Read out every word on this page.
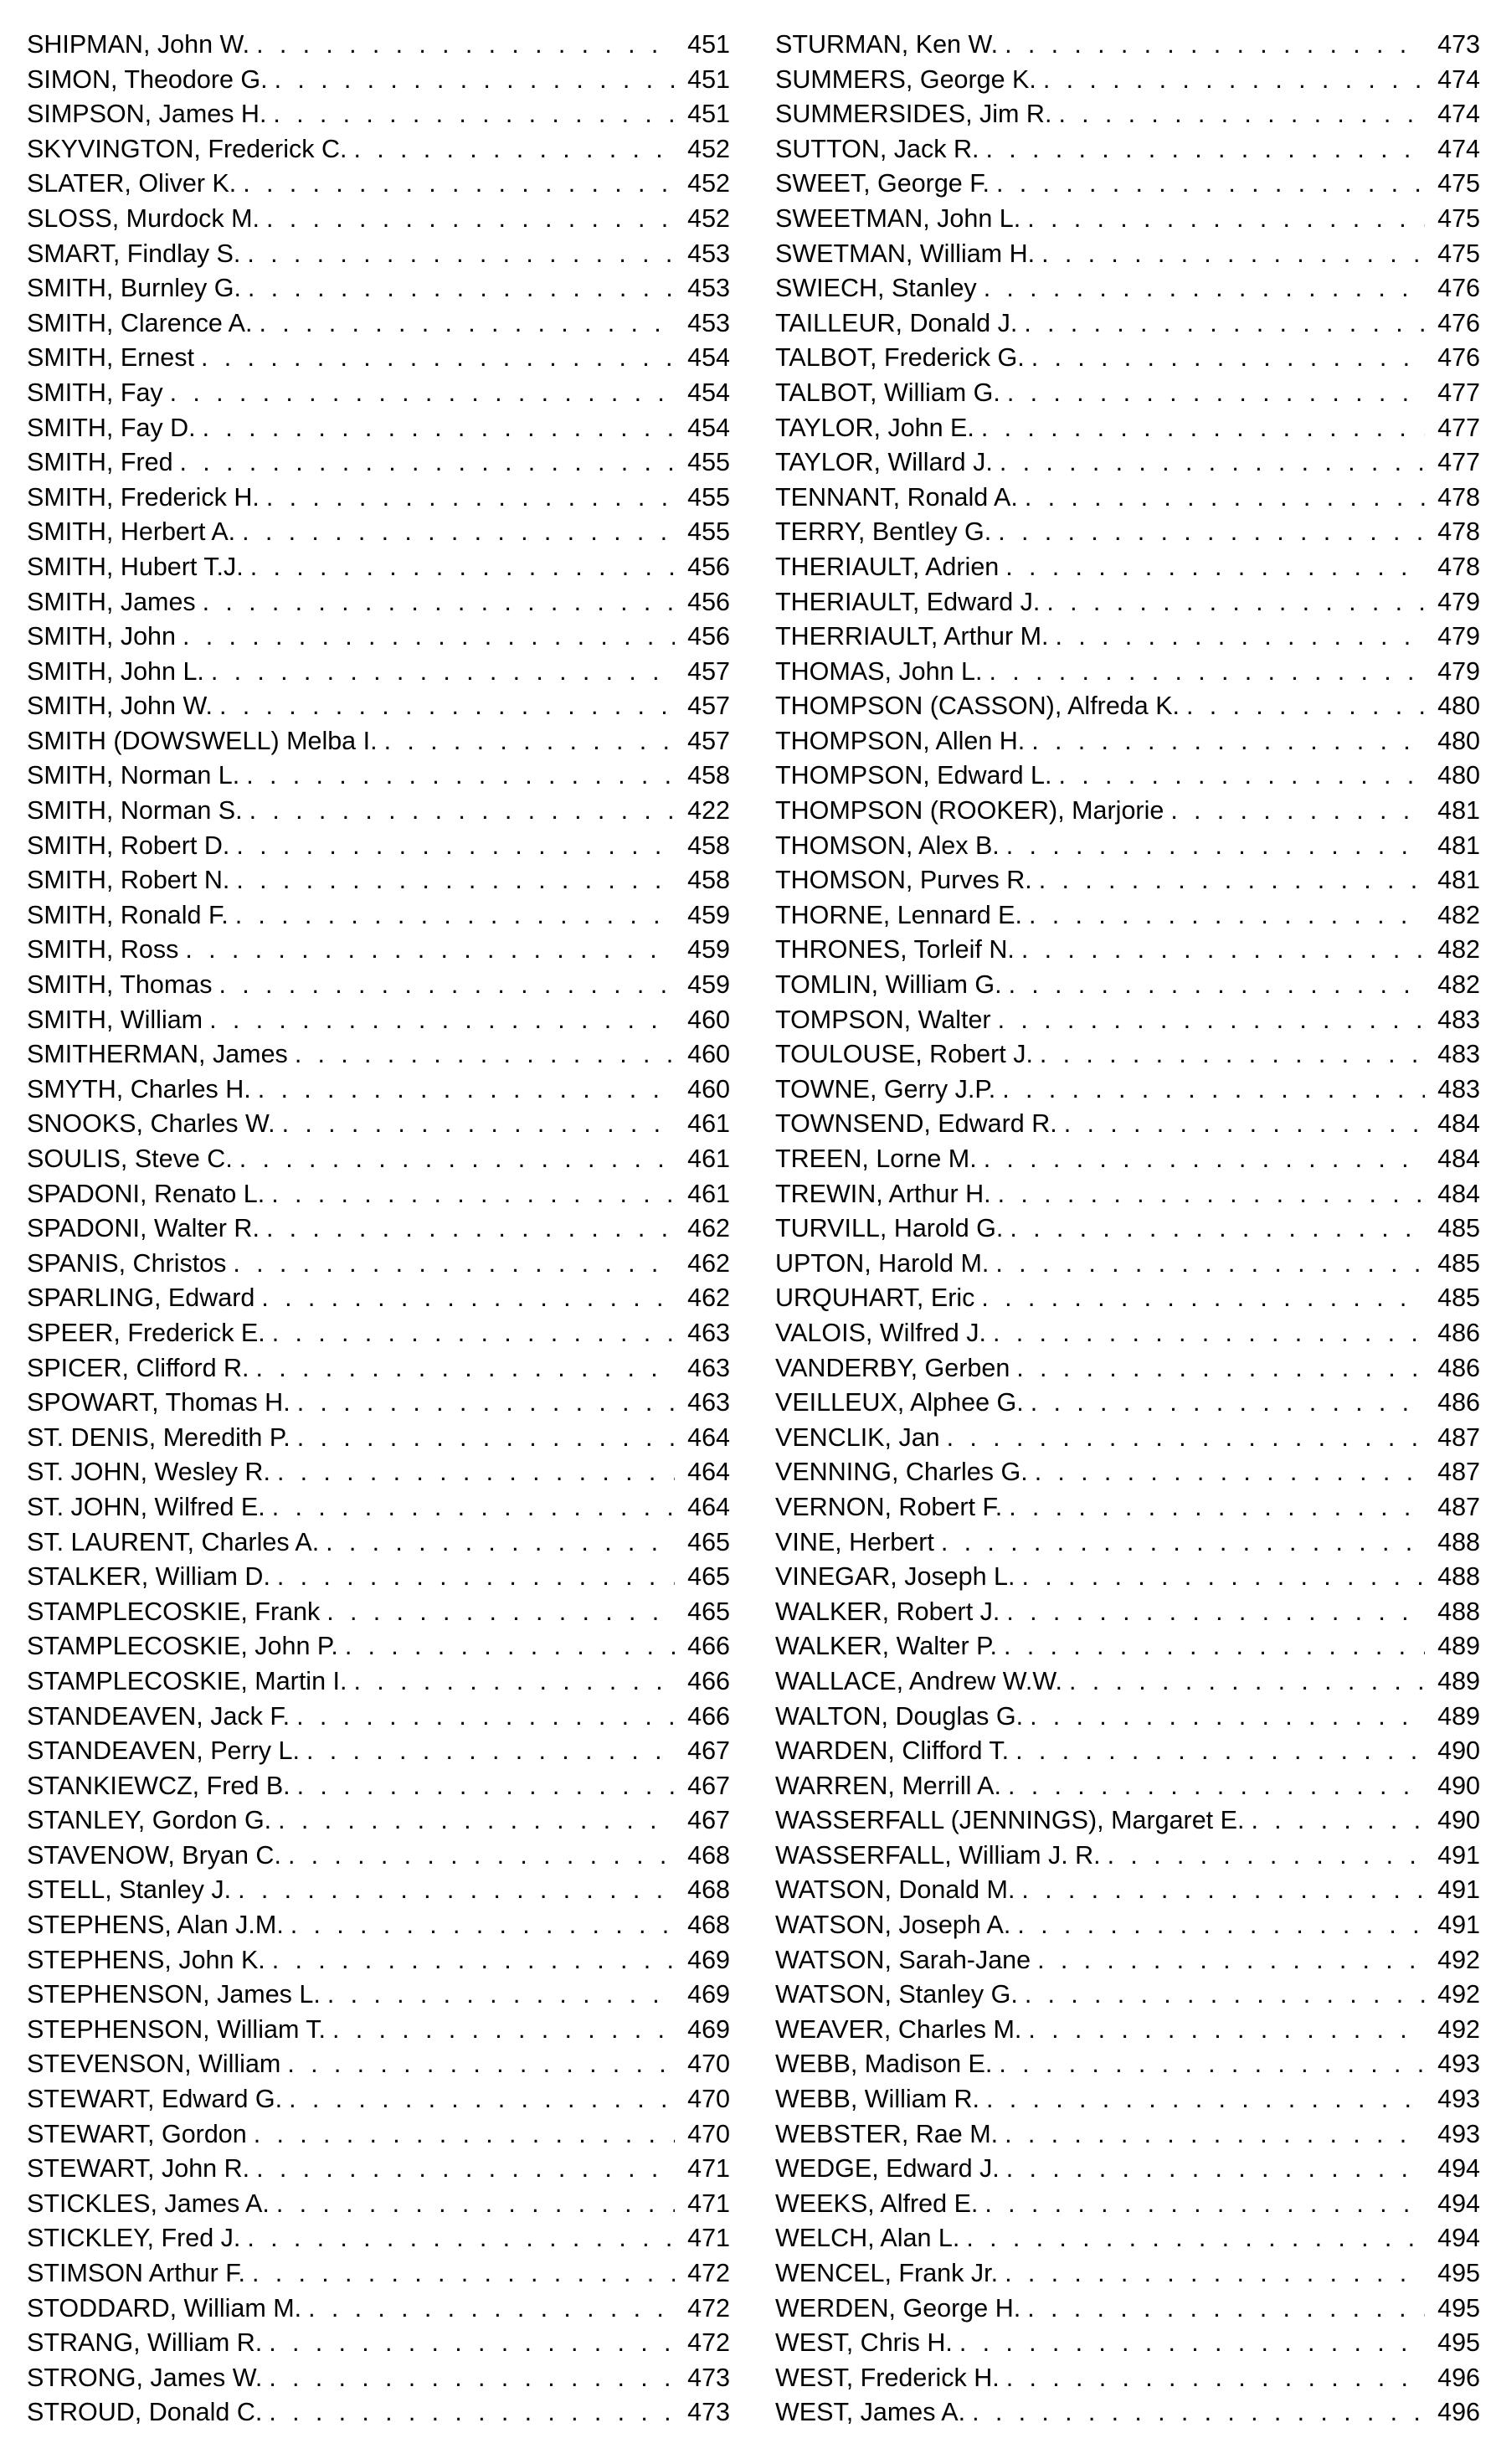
SHIPMAN, John W. . . .	451
SIMON, Theodore G. . . .	451
SIMPSON, James H. . . .	451
SKYVINGTON, Frederick C. . . .	452
SLATER, Oliver K. . . .	452
SLOSS, Murdock M. . . .	452
SMART, Findlay S. . . .	453
SMITH, Burnley G. . . .	453
SMITH, Clarence A. . . .	453
SMITH, Ernest . . .	454
SMITH, Fay . . .	454
SMITH, Fay D. . . .	454
SMITH, Fred . . .	455
SMITH, Frederick H. . . .	455
SMITH, Herbert A. . . .	455
SMITH, Hubert T.J. . . .	456
SMITH, James . . .	456
SMITH, John . . .	456
SMITH, John L. . . .	457
SMITH, John W. . . .	457
SMITH (DOWSWELL) Melba I. . . .	457
SMITH, Norman L. . . .	458
SMITH, Norman S. . . .	422
SMITH, Robert D. . . .	458
SMITH, Robert N. . . .	458
SMITH, Ronald F. . . .	459
SMITH, Ross . . .	459
SMITH, Thomas . . .	459
SMITH, William . . .	460
SMITHERMAN, James . . .	460
SMYTH, Charles H. . . .	460
SNOOKS, Charles W. . . .	461
SOULIS, Steve C. . . .	461
SPADONI, Renato L. . . .	461
SPADONI, Walter R. . . .	462
SPANIS, Christos . . .	462
SPARLING, Edward . . .	462
SPEER, Frederick E. . . .	463
SPICER, Clifford R. . . .	463
SPOWART, Thomas H. . . .	463
ST. DENIS, Meredith P. . . .	464
ST. JOHN, Wesley R. . . .	464
ST. JOHN, Wilfred E. . . .	464
ST. LAURENT, Charles A. . . .	465
STALKER, William D. . . .	465
STAMPLECOSKIE, Frank . . .	465
STAMPLECOSKIE, John P. . . .	466
STAMPLECOSKIE, Martin I. . . .	466
STANDEAVEN, Jack F. . . .	466
STANDEAVEN, Perry L. . . .	467
STANKIEWCZ, Fred B. . . .	467
STANLEY, Gordon G. . . .	467
STAVENOW, Bryan C. . . .	468
STELL, Stanley J. . . .	468
STEPHENS, Alan J.M. . . .	468
STEPHENS, John K. . . .	469
STEPHENSON, James L. . . .	469
STEPHENSON, William T. . . .	469
STEVENSON, William . . .	470
STEWART, Edward G. . . .	470
STEWART, Gordon . . .	470
STEWART, John R. . . .	471
STICKLES, James A. . . .	471
STICKLEY, Fred J. . . .	471
STIMSON Arthur F. . . .	472
STODDARD, William M. . . .	472
STRANG, William R. . . .	472
STRONG, James W. . . .	473
STROUD, Donald C. . . .	473
STURMAN, Ken W. . . .	473
SUMMERS, George K. . . .	474
SUMMERSIDES, Jim R. . . .	474
SUTTON, Jack R. . . .	474
SWEET, George F. . . .	475
SWEETMAN, John L. . . .	475
SWETMAN, William H. . . .	475
SWIECH, Stanley . . .	476
TAILLEUR, Donald J. . . .	476
TALBOT, Frederick G. . . .	476
TALBOT, William G. . . .	477
TAYLOR, John E. . . .	477
TAYLOR, Willard J. . . .	477
TENNANT, Ronald A. . . .	478
TERRY, Bentley G. . . .	478
THERIAULT, Adrien . . .	478
THERIAULT, Edward J. . . .	479
THERRIAULT, Arthur M. . . .	479
THOMAS, John L. . . .	479
THOMPSON (CASSON), Alfreda K. . . .	480
THOMPSON, Allen H. . . .	480
THOMPSON, Edward L. . . .	480
THOMPSON (ROOKER), Marjorie . . .	481
THOMSON, Alex B. . . .	481
THOMSON, Purves R. . . .	481
THORNE, Lennard E. . . .	482
THRONES, Torleif N. . . .	482
TOMLIN, William G. . . .	482
TOMPSON, Walter . . .	483
TOULOUSE, Robert J. . . .	483
TOWNE, Gerry J.P. . . .	483
TOWNSEND, Edward R. . . .	484
TREEN, Lorne M. . . .	484
TREWIN, Arthur H. . . .	484
TURVILL, Harold G. . . .	485
UPTON, Harold M. . . .	485
URQUHART, Eric . . .	485
VALOIS, Wilfred J. . . .	486
VANDERBY, Gerben . . .	486
VEILLEUX, Alphee G. . . .	486
VENCLIK, Jan . . .	487
VENNING, Charles G. . . .	487
VERNON, Robert F. . . .	487
VINE, Herbert . . .	488
VINEGAR, Joseph L. . . .	488
WALKER, Robert J. . . .	488
WALKER, Walter P. . . .	489
WALLACE, Andrew W.W. . . .	489
WALTON, Douglas G. . . .	489
WARDEN, Clifford T. . . .	490
WARREN, Merrill A. . . .	490
WASSERFALL (JENNINGS), Margaret E. . . .	490
WASSERFALL, William J. R. . . .	491
WATSON, Donald M. . . .	491
WATSON, Joseph A. . . .	491
WATSON, Sarah-Jane . . .	492
WATSON, Stanley G. . . .	492
WEAVER, Charles M. . . .	492
WEBB, Madison E. . . .	493
WEBB, William R. . . .	493
WEBSTER, Rae M. . . .	493
WEDGE, Edward J. . . .	494
WEEKS, Alfred E. . . .	494
WELCH, Alan L. . . .	494
WENCEL, Frank Jr. . . .	495
WERDEN, George H. . . .	495
WEST, Chris H. . . .	495
WEST, Frederick H. . . .	496
WEST, James A. . . .	496
